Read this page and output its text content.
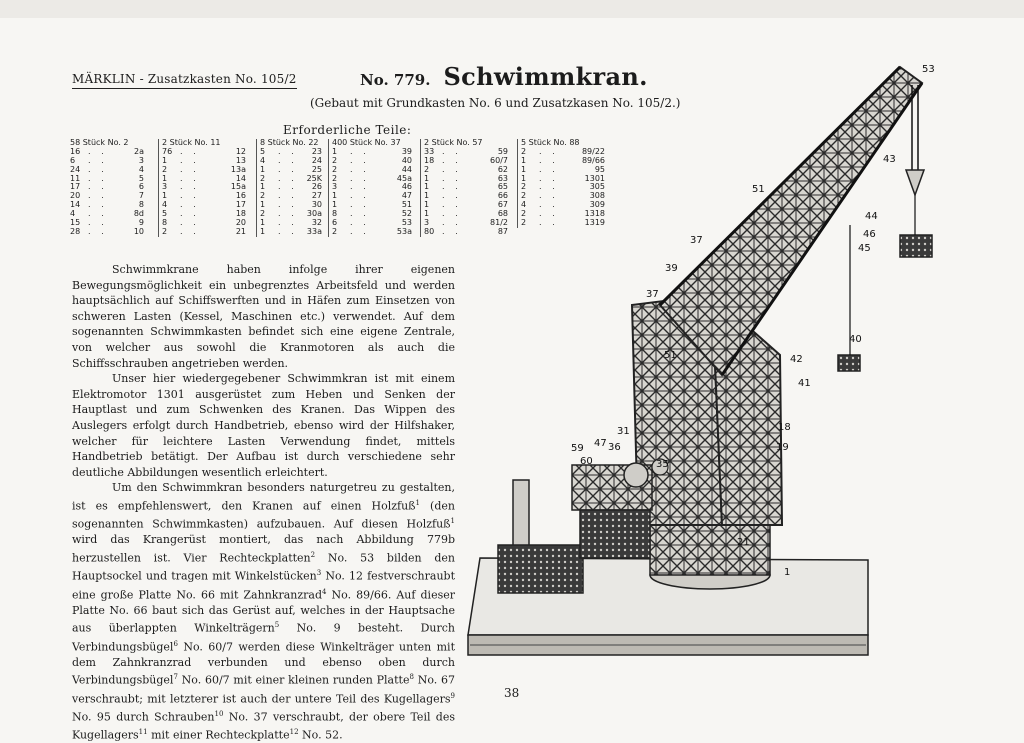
MÄRKLIN - Zusatzkasten No. 105/2	No. 779. Schwimmkran.
(Gebaut mit Grundkasten No. 6 und Zusatzkasen No. 105/2.)
Erforderliche Teile:
58 Stück No. 2
16 . .	2a
6 . .	3
24 . .	4
11 . .	5
17 . .	6
20 . .	7
14 . .	8
4 . .	8d
15 . .	9
28 . .	10
2 Stück No. 11
76 . .	12
1 . .	13
2 . .	13a
1 . .	14
3 . .	15a
1 . .	16
4 . .	17
5 . .	18
8 . .	20
2 . .	21
8 Stück No. 22
5 . . 23
4 . . 24
1 . . 25
2 . . 25K
1 . . 26
2 . . 27
1 . . 30
2 . . 30a
1 . . 32
1 . . 33a
400 Stück No. 37
1 . .	39
2 . .	40
2 . .	44
2 . .	45a
3 . .	46
1 . .	47
1 . .	51
8 . .	52
6 . .	53
2 . .	53a
2 Stück No. 57
33 . .	59
18 . .	60/7
2 . .	62
1 . .	63
1 . .	65
1 . .	66
1 . .	67
1 . .	68
3 . .	81/2
80 . .	87
5 Stück No. 88
2 . .	89/22
1 . .	89/66
1 . .	95
1 . .	1301
2 . .	305
2 . .	308
4 . .	309
2 . .	1318
2 . .	1319

Schwimmkrane haben infolge ihrer eigenen Bewegungsmöglichkeit ein unbegrenztes Arbeitsfeld und werden hauptsächlich auf Schiffswerften und in Häfen zum Einsetzen von schweren Lasten (Kessel, Maschinen etc.) verwendet. Auf dem sogenannten Schwimmkasten befindet sich eine eigene Zentrale, von welcher aus sowohl die Kranmotoren als auch die Schiffsschrauben angetrieben werden.

Unser hier wiedergegebener Schwimmkran ist mit einem Elektromotor 1301 ausgerüstet zum Heben und Senken der Hauptlast und zum Schwenken des Kranen. Das Wippen des Auslegers erfolgt durch Handbetrieb, ebenso wird der Hilfshaker, welcher für leichtere Lasten Verwendung findet, mittels Handbetrieb betätigt. Der Aufbau ist durch verschiedene sehr deutliche Abbildungen wesentlich erleichtert.

Um den Schwimmkran besonders naturgetreu zu gestalten, ist es empfehlenswert, den Kranen auf einen Holzfuß$^1$ (den sogenannten Schwimmkasten) aufzubauen. Auf diesen Holzfuß$^1$ wird das Krangerüst montiert, das nach Abbildung 779b herzustellen ist. Vier Rechteckplatten$^2$ No. 53 bilden den Hauptsockel und tragen mit Winkelstücken$^3$ No. 12 festverschraubt eine große Platte No. 66 mit Zahnkranzrad$^4$ No. 89/66. Auf dieser Platte No. 66 baut sich das Gerüst auf, welches in der Hauptsache aus überlappten Winkelträgern$^5$ No. 9 besteht. Durch Verbindungsbügel$^6$ No. 60/7 werden diese Winkelträger unten mit dem Zahnkranzrad verbunden und ebenso oben durch Verbindungsbügel$^7$ No. 60/7 mit einer kleinen runden Platte$^8$ No. 67 verschraubt; mit letzterer ist auch der untere Teil des Kugellagers$^9$ No. 95 durch Schrauben$^{10}$ No. 37 verschraubt, der obere Teil des Kugellagers$^{11}$ mit einer Rechteckplatte$^{12}$ No. 52.

53
43
51
44
46
45
37
39
37
40
51	42
41
18
19
31
59 47 36
60	35
21
1
38
